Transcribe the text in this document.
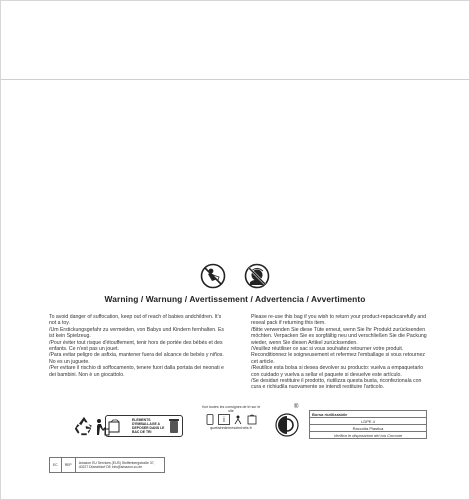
Warning / Warnung / Avertissement / Advertencia / Avvertimento

To avoid danger of suffocation, keep out of reach of babies andchildren. It's not a toy.

/Um Erstickungsgefahr zu vermeiden, von Babys und Kindern fernhalten. Es ist kein Spielzeug.

/Pour éviter tout risque d'étouffement, tenir hors de portée des bébés et des enfants. Ce n'est pas un jouet.

/Para evitar peligro de asfixia, mantener fuera del alcance de bebés y niños. No es un juguete.

/Per evitare il rischio di soffocamento, tenere fuori dalla portata dei neonati e dei bambini. Non è un giocattolo.

Please re-use this bag if you wish to return your product-repackcarefully and reseal pack if returning this item.

/Bitte verwenden Sie diese Tüte erneut, wenn Sie Ihr Produkt zurücksenden möchten. Verpacken Sie es sorgfältig neu und verschließen Sie die Packung wieder, wenn Sie diesen Artikel zurücksenden.

/Veuillez réutiliser ce sac si vous souhaitez retourner votre produit. Reconditionnez le soigneusement et refermez l'emballage si vous retournez cet article.

/Reutilice esta bolsa si desea devolver su producto: vuelva a empaquetarlo con cuidado y vuelva a sellar el paquete si devuelve este artículo.

/Se desidari restituire il prodotto, riutilizza questa busta, riconfezionala con cura e richiudila nuovamente se intendi restituire l'articolo.

ELEMENTS D'EMBALLAGE A DEPOSER DANS LE BAC DE TRI
Voir toutes les consignes de tri sur le site
i
quefairedemesdechets.fr
®
Borsa riutilizzabile
LDPE 4
Raccolta Plastica
Verifica le disposizioni del tuo Comune
EC	REP	Amazon EU Services (EUS) Stoffenbergstraße 37, 40227 Düsseldorf DE info@amazon.co.de
